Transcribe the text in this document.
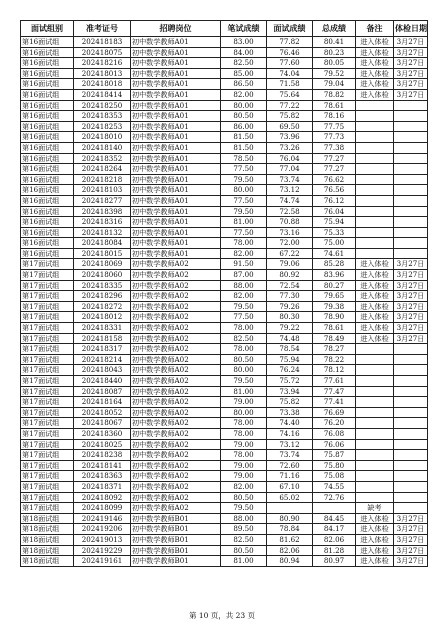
面试组别	准考证号	招聘岗位	笔试成绩	面试成绩	总成绩	备注	体检日期
第16面试组	202418183	初中数学教师A01	83.00	77.82	80.41	进入体检	3月27日
第16面试组	202418075	初中数学教师A01	84.00	76.46	80.23	进入体检	3月27日
第16面试组	202418216	初中数学教师A01	82.50	77.60	80.05	进入体检	3月27日
第16面试组	202418013	初中数学教师A01	85.00	74.04	79.52	进入体检	3月27日
第16面试组	202418018	初中数学教师A01	86.50	71.58	79.04	进入体检	3月27日
第16面试组	202418414	初中数学教师A01	82.00	75.64	78.82	进入体检	3月27日
第16面试组	202418250	初中数学教师A01	80.00	77.22	78.61		
第16面试组	202418353	初中数学教师A01	80.50	75.82	78.16		
第16面试组	202418253	初中数学教师A01	86.00	69.50	77.75		
第16面试组	202418010	初中数学教师A01	81.50	73.96	77.73		
第16面试组	202418140	初中数学教师A01	81.50	73.26	77.38		
第16面试组	202418352	初中数学教师A01	78.50	76.04	77.27		
第16面试组	202418264	初中数学教师A01	77.50	77.04	77.27		
第16面试组	202418218	初中数学教师A01	79.50	73.74	76.62		
第16面试组	202418103	初中数学教师A01	80.00	73.12	76.56		
第16面试组	202418277	初中数学教师A01	77.50	74.74	76.12		
第16面试组	202418398	初中数学教师A01	79.50	72.58	76.04		
第16面试组	202418316	初中数学教师A01	81.00	70.88	75.94		
第16面试组	202418132	初中数学教师A01	77.50	73.16	75.33		
第16面试组	202418084	初中数学教师A01	78.00	72.00	75.00		
第16面试组	202418015	初中数学教师A01	82.00	67.22	74.61		
第17面试组	202418069	初中数学教师A02	91.50	79.06	85.28	进入体检	3月27日
第17面试组	202418060	初中数学教师A02	87.00	80.92	83.96	进入体检	3月27日
第17面试组	202418335	初中数学教师A02	88.00	72.54	80.27	进入体检	3月27日
第17面试组	202418296	初中数学教师A02	82.00	77.30	79.65	进入体检	3月27日
第17面试组	202418272	初中数学教师A02	79.50	79.26	79.38	进入体检	3月27日
第17面试组	202418012	初中数学教师A02	77.50	80.30	78.90	进入体检	3月27日
第17面试组	202418331	初中数学教师A02	78.00	79.22	78.61	进入体检	3月27日
第17面试组	202418158	初中数学教师A02	82.50	74.48	78.49	进入体检	3月27日
第17面试组	202418317	初中数学教师A02	78.00	78.54	78.27		
第17面试组	202418214	初中数学教师A02	80.50	75.94	78.22		
第17面试组	202418043	初中数学教师A02	80.00	76.24	78.12		
第17面试组	202418440	初中数学教师A02	79.50	75.72	77.61		
第17面试组	202418087	初中数学教师A02	81.00	73.94	77.47		
第17面试组	202418164	初中数学教师A02	79.00	75.82	77.41		
第17面试组	202418052	初中数学教师A02	80.00	73.38	76.69		
第17面试组	202418067	初中数学教师A02	78.00	74.40	76.20		
第17面试组	202418360	初中数学教师A02	78.00	74.16	76.08		
第17面试组	202418025	初中数学教师A02	79.00	73.12	76.06		
第17面试组	202418238	初中数学教师A02	78.00	73.74	75.87		
第17面试组	202418141	初中数学教师A02	79.00	72.60	75.80		
第17面试组	202418363	初中数学教师A02	79.00	71.16	75.08		
第17面试组	202418371	初中数学教师A02	82.00	67.10	74.55		
第17面试组	202418092	初中数学教师A02	80.50	65.02	72.76		
第17面试组	202418099	初中数学教师A02	79.50			缺考	
第18面试组	202419146	初中数学教师B01	88.00	80.90	84.45	进入体检	3月27日
第18面试组	202419206	初中数学教师B01	89.50	78.84	84.17	进入体检	3月27日
第18面试组	202419013	初中数学教师B01	82.50	81.62	82.06	进入体检	3月27日
第18面试组	202419229	初中数学教师B01	80.50	82.06	81.28	进入体检	3月27日
第18面试组	202419161	初中数学教师B01	81.00	80.94	80.97	进入体检	3月27日
第 10 页，共 23 页
